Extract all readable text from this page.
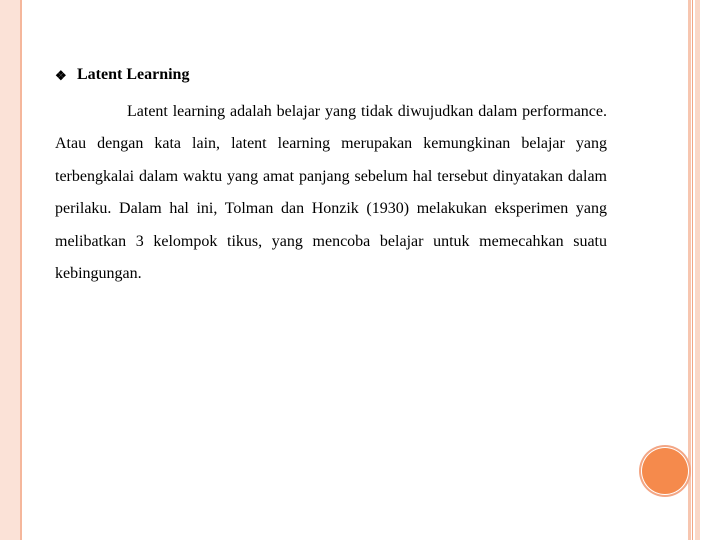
❖ Latent Learning

Latent learning adalah belajar yang tidak diwujudkan dalam performance. Atau dengan kata lain, latent learning merupakan kemungkinan belajar yang terbengkalai dalam waktu yang amat panjang sebelum hal tersebut dinyatakan dalam perilaku. Dalam hal ini, Tolman dan Honzik (1930) melakukan eksperimen yang melibatkan 3 kelompok tikus, yang mencoba belajar untuk memecahkan suatu kebingungan.
